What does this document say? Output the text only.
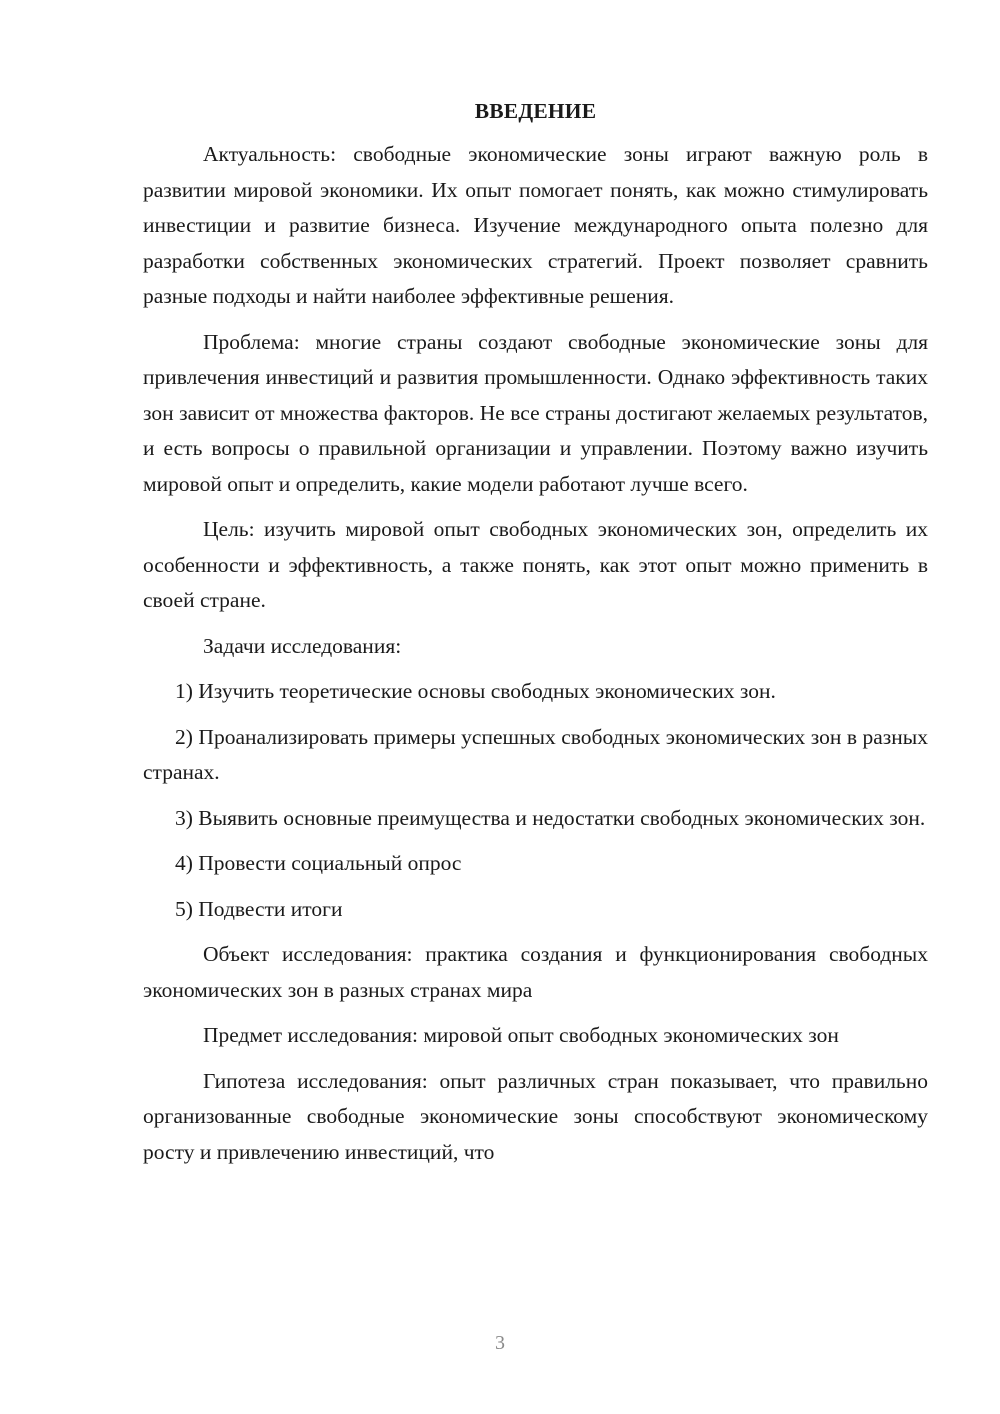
ВВЕДЕНИЕ

Актуальность: свободные экономические зоны играют важную роль в развитии мировой экономики. Их опыт помогает понять, как можно стимулировать инвестиции и развитие бизнеса. Изучение международного опыта полезно для разработки собственных экономических стратегий. Проект позволяет сравнить разные подходы и найти наиболее эффективные решения.

Проблема: многие страны создают свободные экономические зоны для привлечения инвестиций и развития промышленности. Однако эффективность таких зон зависит от множества факторов. Не все страны достигают желаемых результатов, и есть вопросы о правильной организации и управлении. Поэтому важно изучить мировой опыт и определить, какие модели работают лучше всего.

Цель: изучить мировой опыт свободных экономических зон, определить их особенности и эффективность, а также понять, как этот опыт можно применить в своей стране.

Задачи исследования:

1) Изучить теоретические основы свободных экономических зон.

2) Проанализировать примеры успешных свободных экономических зон в разных странах.

3) Выявить основные преимущества и недостатки свободных экономических зон.

4) Провести социальный опрос

5) Подвести итоги

Объект исследования: практика создания и функционирования свободных экономических зон в разных странах мира

Предмет исследования: мировой опыт свободных экономических зон

Гипотеза исследования: опыт различных стран показывает, что правильно организованные свободные экономические зоны способствуют экономическому росту и привлечению инвестиций, что

3
